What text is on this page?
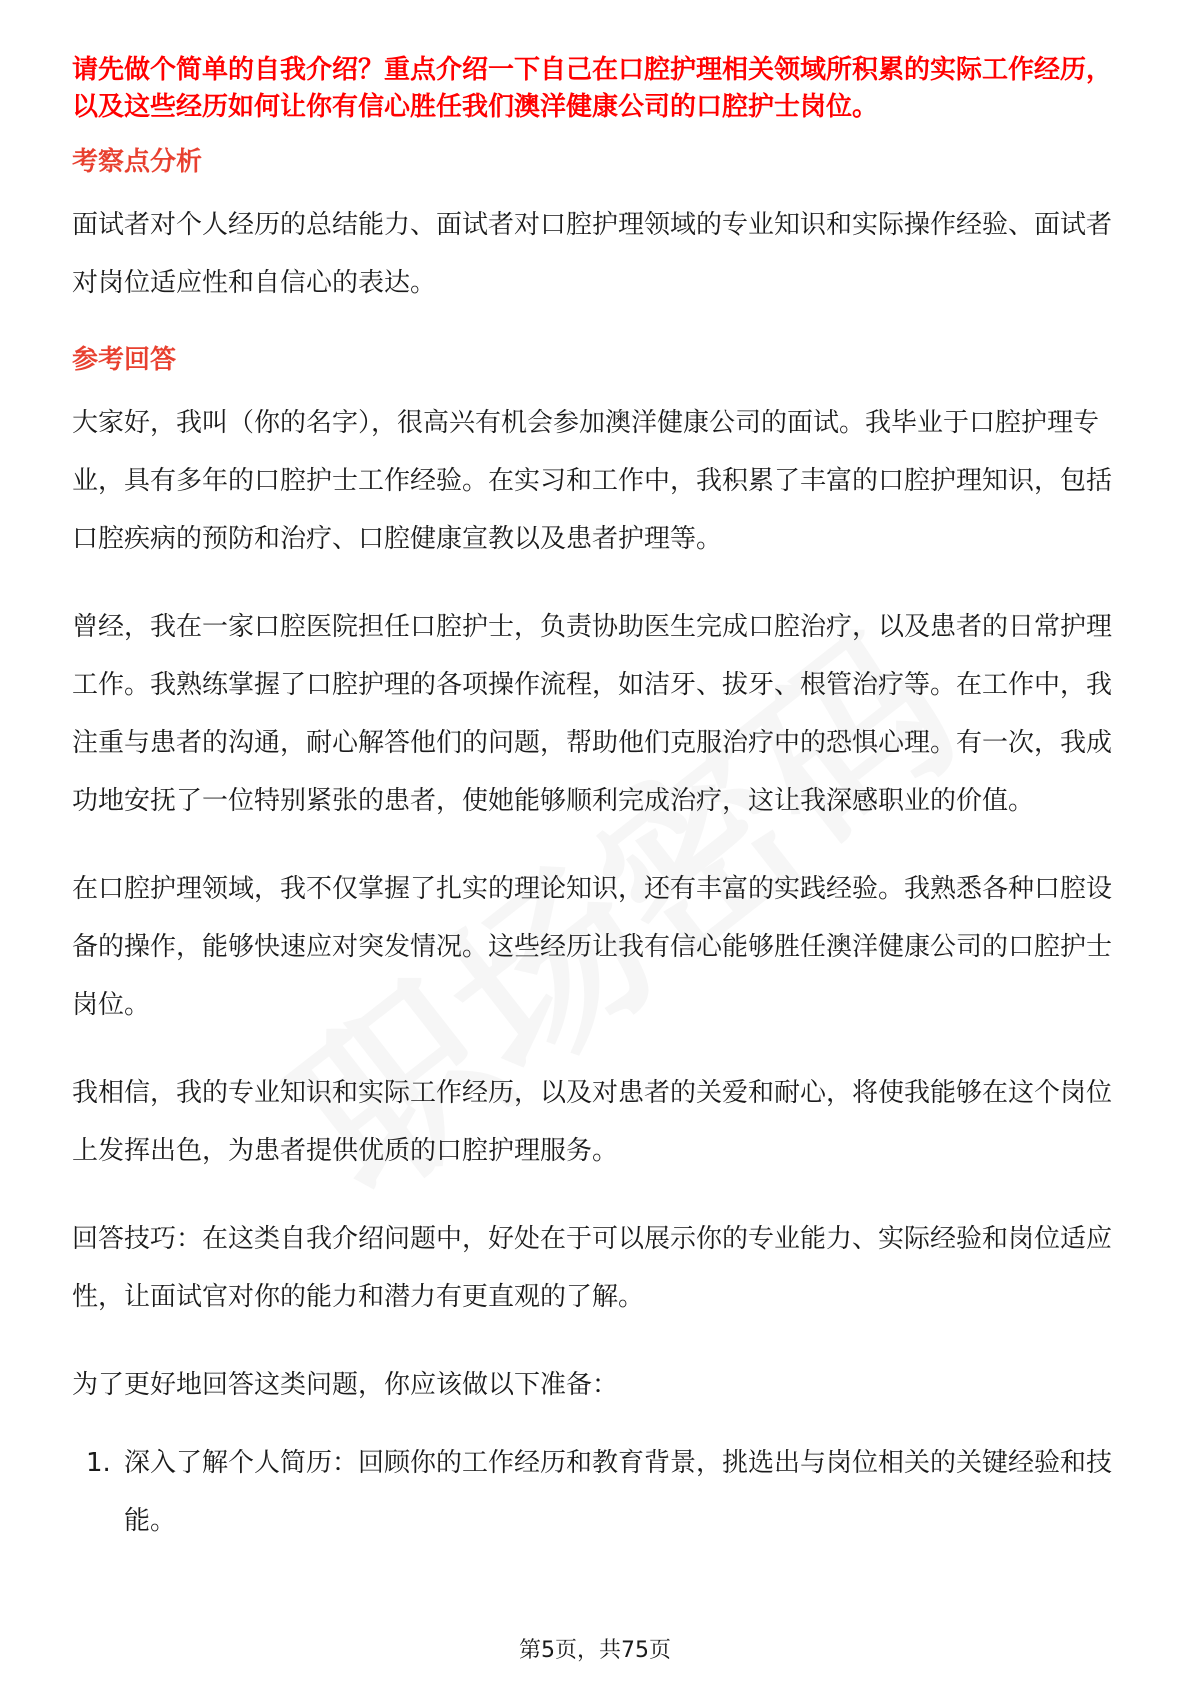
请先做个简单的自我介绍？重点介绍一下自己在口腔护理相关领域所积累的实际工作经历，以及这些经历如何让你有信心胜任我们澳洋健康公司的口腔护士岗位。

考察点分析

面试者对个人经历的总结能力、面试者对口腔护理领域的专业知识和实际操作经验、面试者对岗位适应性和自信心的表达。

参考回答

大家好，我叫（你的名字），很高兴有机会参加澳洋健康公司的面试。我毕业于口腔护理专业，具有多年的口腔护士工作经验。在实习和工作中，我积累了丰富的口腔护理知识，包括口腔疾病的预防和治疗、口腔健康宣教以及患者护理等。

曾经，我在一家口腔医院担任口腔护士，负责协助医生完成口腔治疗，以及患者的日常护理工作。我熟练掌握了口腔护理的各项操作流程，如洁牙、拔牙、根管治疗等。在工作中，我注重与患者的沟通，耐心解答他们的问题，帮助他们克服治疗中的恐惧心理。有一次，我成功地安抚了一位特别紧张的患者，使她能够顺利完成治疗，这让我深感职业的价值。

在口腔护理领域，我不仅掌握了扎实的理论知识，还有丰富的实践经验。我熟悉各种口腔设备的操作，能够快速应对突发情况。这些经历让我有信心能够胜任澳洋健康公司的口腔护士岗位。

我相信，我的专业知识和实际工作经历，以及对患者的关爱和耐心，将使我能够在这个岗位上发挥出色，为患者提供优质的口腔护理服务。

回答技巧：在这类自我介绍问题中，好处在于可以展示你的专业能力、实际经验和岗位适应性，让面试官对你的能力和潜力有更直观的了解。

为了更好地回答这类问题，你应该做以下准备：

1. 深入了解个人简历：回顾你的工作经历和教育背景，挑选出与岗位相关的关键经验和技能。
第5页，共75页
